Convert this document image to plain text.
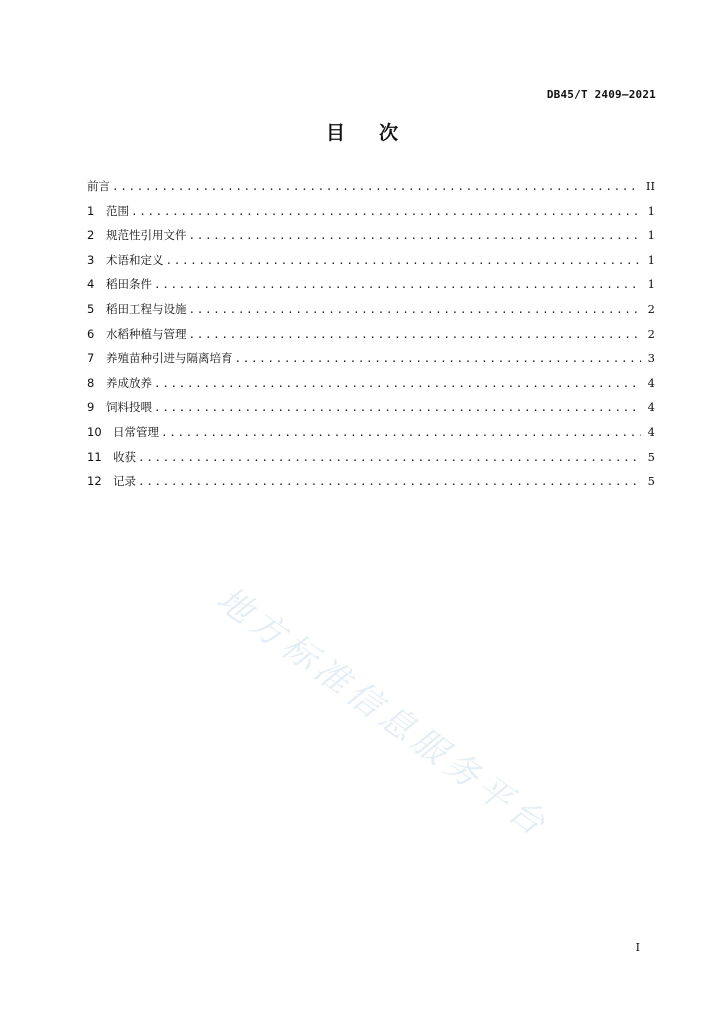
DB45/T 2409—2021
目 次
前言 .....	II
1	范围 .....	1
2	规范性引用文件 .....	1
3	术语和定义 .....	1
4	稻田条件 .....	1
5	稻田工程与设施 .....	2
6	水稻种植与管理 .....	2
7	养殖苗种引进与隔离培育 .....	3
8	养成放养 .....	4
9	饲料投喂 .....	4
10 日常管理 .....	4
11 收获 .....	5
12 记录 .....	5
地方标准信息服务平台
I
